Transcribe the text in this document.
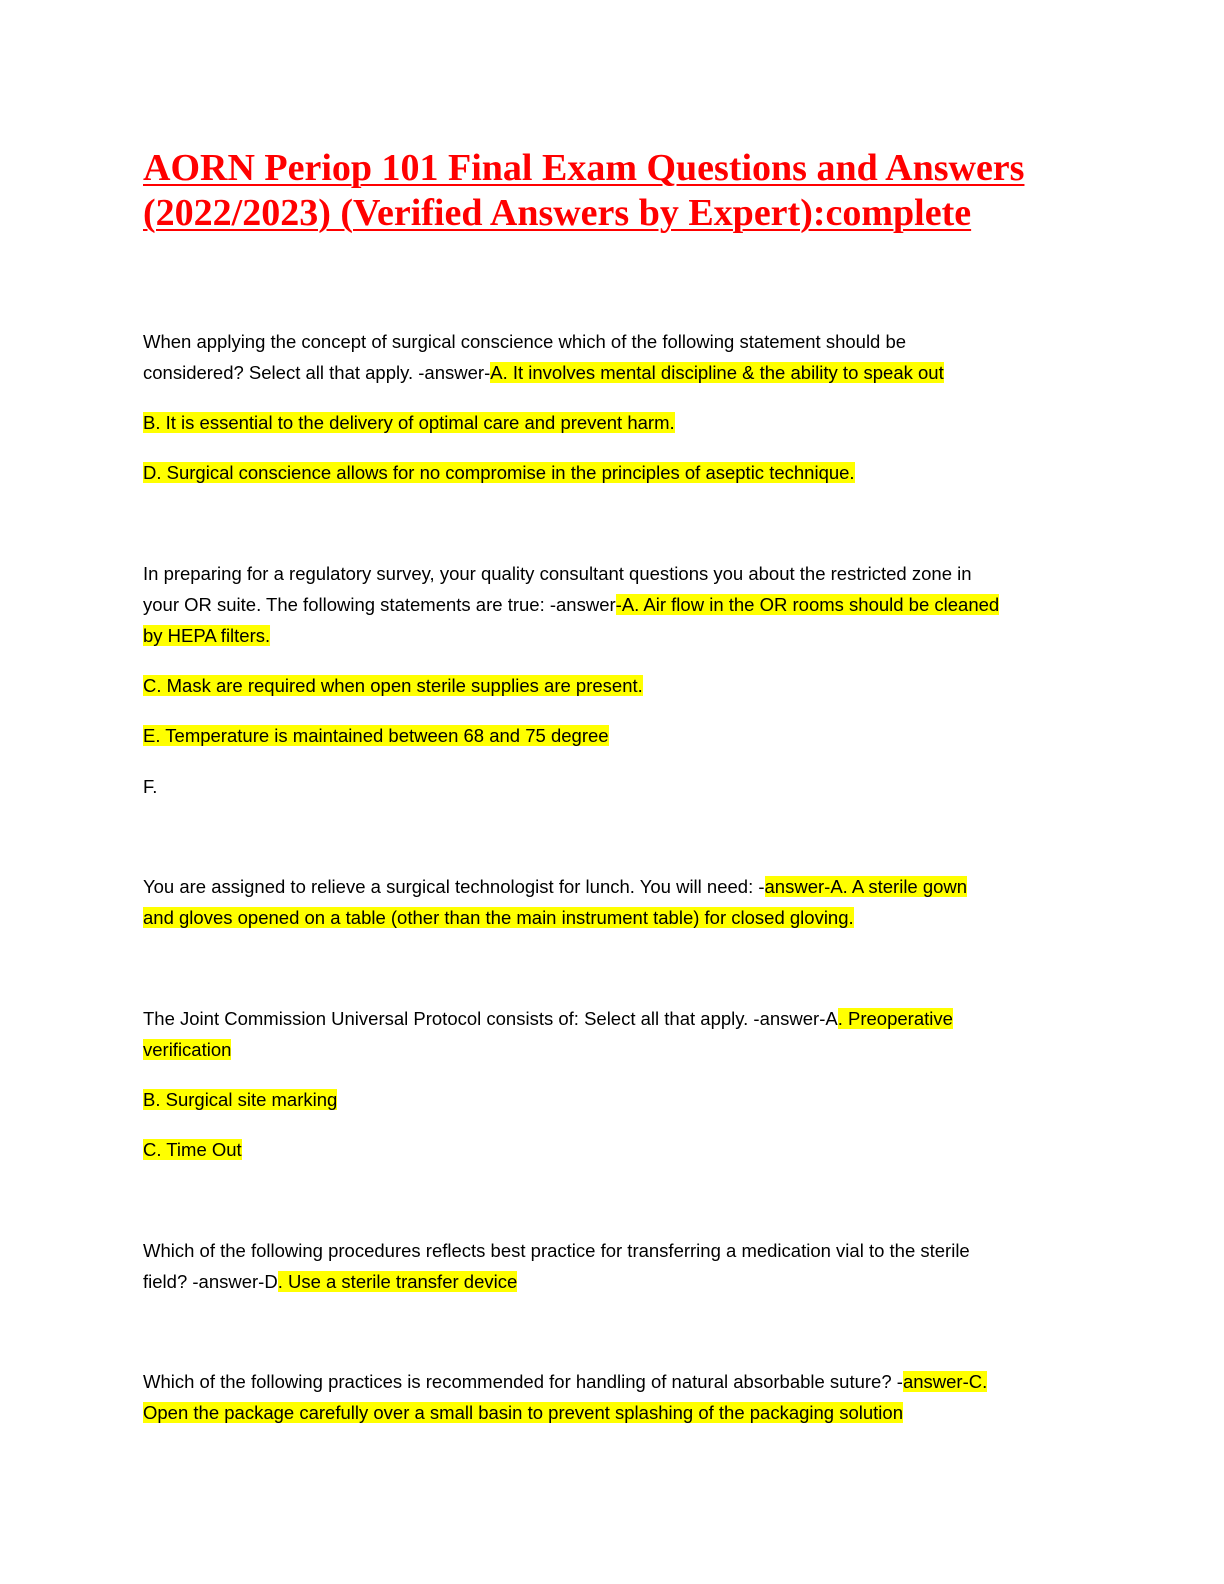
AORN Periop 101 Final Exam Questions and Answers
(2022/2023) (Verified Answers by Expert):complete

When applying the concept of surgical conscience which of the following statement should be

considered? Select all that apply. -answer-A. It involves mental discipline & the ability to speak out

B. It is essential to the delivery of optimal care and prevent harm.

D. Surgical conscience allows for no compromise in the principles of aseptic technique.

In preparing for a regulatory survey, your quality consultant questions you about the restricted zone in

your OR suite. The following statements are true: -answer-A. Air flow in the OR rooms should be cleaned

by HEPA filters.

C. Mask are required when open sterile supplies are present.

E. Temperature is maintained between 68 and 75 degree

F.

You are assigned to relieve a surgical technologist for lunch. You will need: -answer-A. A sterile gown

and gloves opened on a table (other than the main instrument table) for closed gloving.

The Joint Commission Universal Protocol consists of: Select all that apply. -answer-A. Preoperative

verification

B. Surgical site marking

C. Time Out

Which of the following procedures reflects best practice for transferring a medication vial to the sterile

field? -answer-D. Use a sterile transfer device

Which of the following practices is recommended for handling of natural absorbable suture? -answer-C.

Open the package carefully over a small basin to prevent splashing of the packaging solution
